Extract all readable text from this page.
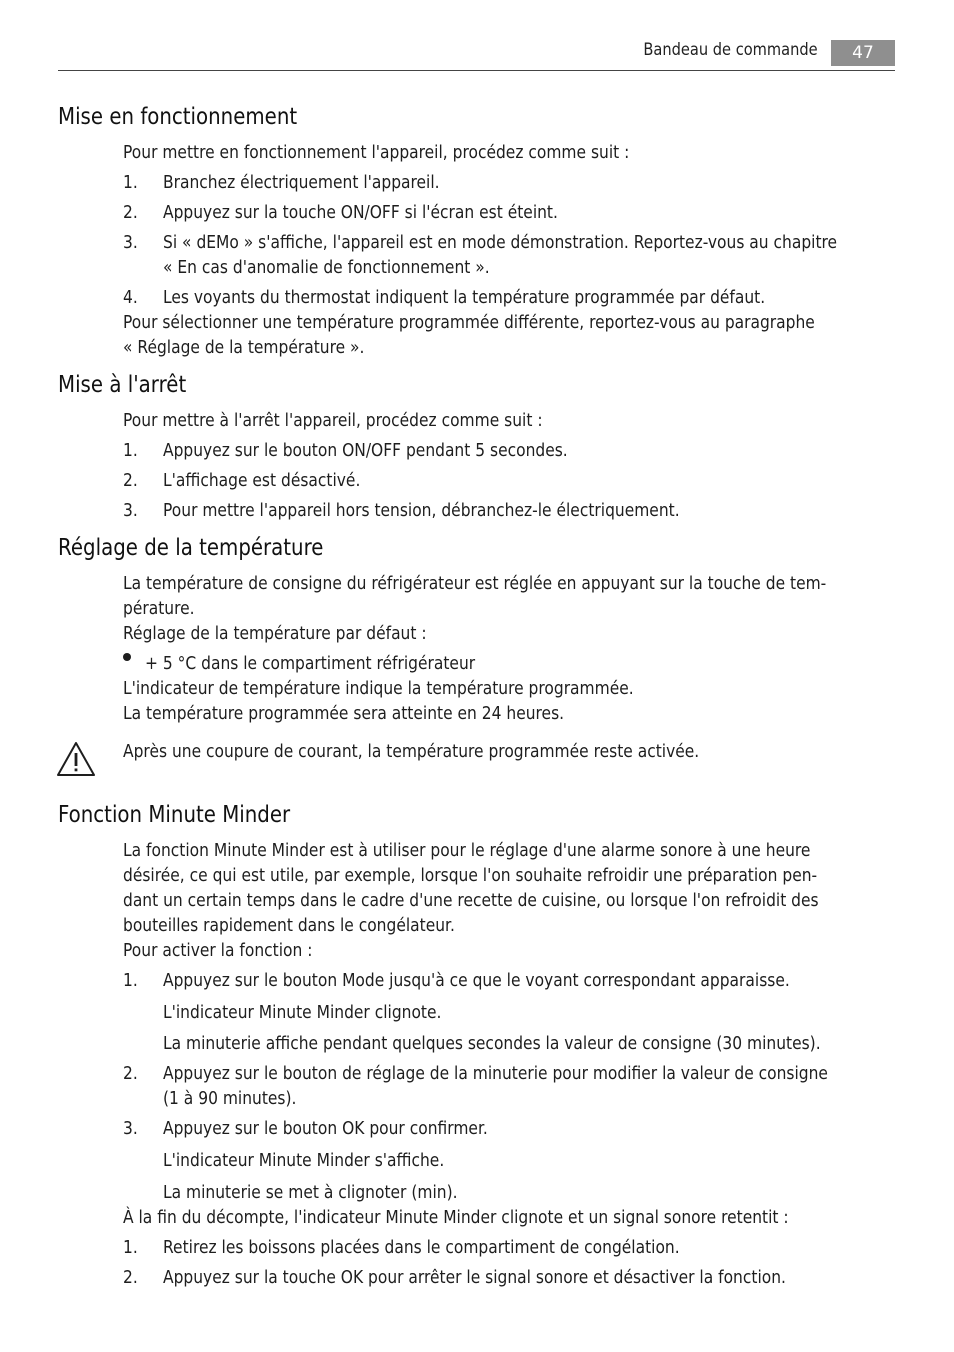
Bandeau de commande	47
Mise en fonctionnement
Pour mettre en fonctionnement l'appareil, procédez comme suit :
1. Branchez électriquement l'appareil.
2. Appuyez sur la touche ON/OFF si l'écran est éteint.
3. Si « dEMo » s'affiche, l'appareil est en mode démonstration. Reportez-vous au chapitre
« En cas d'anomalie de fonctionnement ».
4. Les voyants du thermostat indiquent la température programmée par défaut.
Pour sélectionner une température programmée différente, reportez-vous au paragraphe
« Réglage de la température ».
Mise à l'arrêt
Pour mettre à l'arrêt l'appareil, procédez comme suit :
1. Appuyez sur le bouton ON/OFF pendant 5 secondes.
2. L'affichage est désactivé.
3. Pour mettre l'appareil hors tension, débranchez-le électriquement.
Réglage de la température
La température de consigne du réfrigérateur est réglée en appuyant sur la touche de tem-
pérature.
Réglage de la température par défaut :
+ 5 °C dans le compartiment réfrigérateur
L'indicateur de température indique la température programmée.
La température programmée sera atteinte en 24 heures.
Après une coupure de courant, la température programmée reste activée.
Fonction Minute Minder
La fonction Minute Minder est à utiliser pour le réglage d'une alarme sonore à une heure
désirée, ce qui est utile, par exemple, lorsque l'on souhaite refroidir une préparation pen-
dant un certain temps dans le cadre d'une recette de cuisine, ou lorsque l'on refroidit des
bouteilles rapidement dans le congélateur.
Pour activer la fonction :
1. Appuyez sur le bouton Mode jusqu'à ce que le voyant correspondant apparaisse.
L'indicateur Minute Minder clignote.
La minuterie affiche pendant quelques secondes la valeur de consigne (30 minutes).
2. Appuyez sur le bouton de réglage de la minuterie pour modifier la valeur de consigne
(1 à 90 minutes).
3. Appuyez sur le bouton OK pour confirmer.
L'indicateur Minute Minder s'affiche.
La minuterie se met à clignoter (min).
À la fin du décompte, l'indicateur Minute Minder clignote et un signal sonore retentit :
1. Retirez les boissons placées dans le compartiment de congélation.
2. Appuyez sur la touche OK pour arrêter le signal sonore et désactiver la fonction.
